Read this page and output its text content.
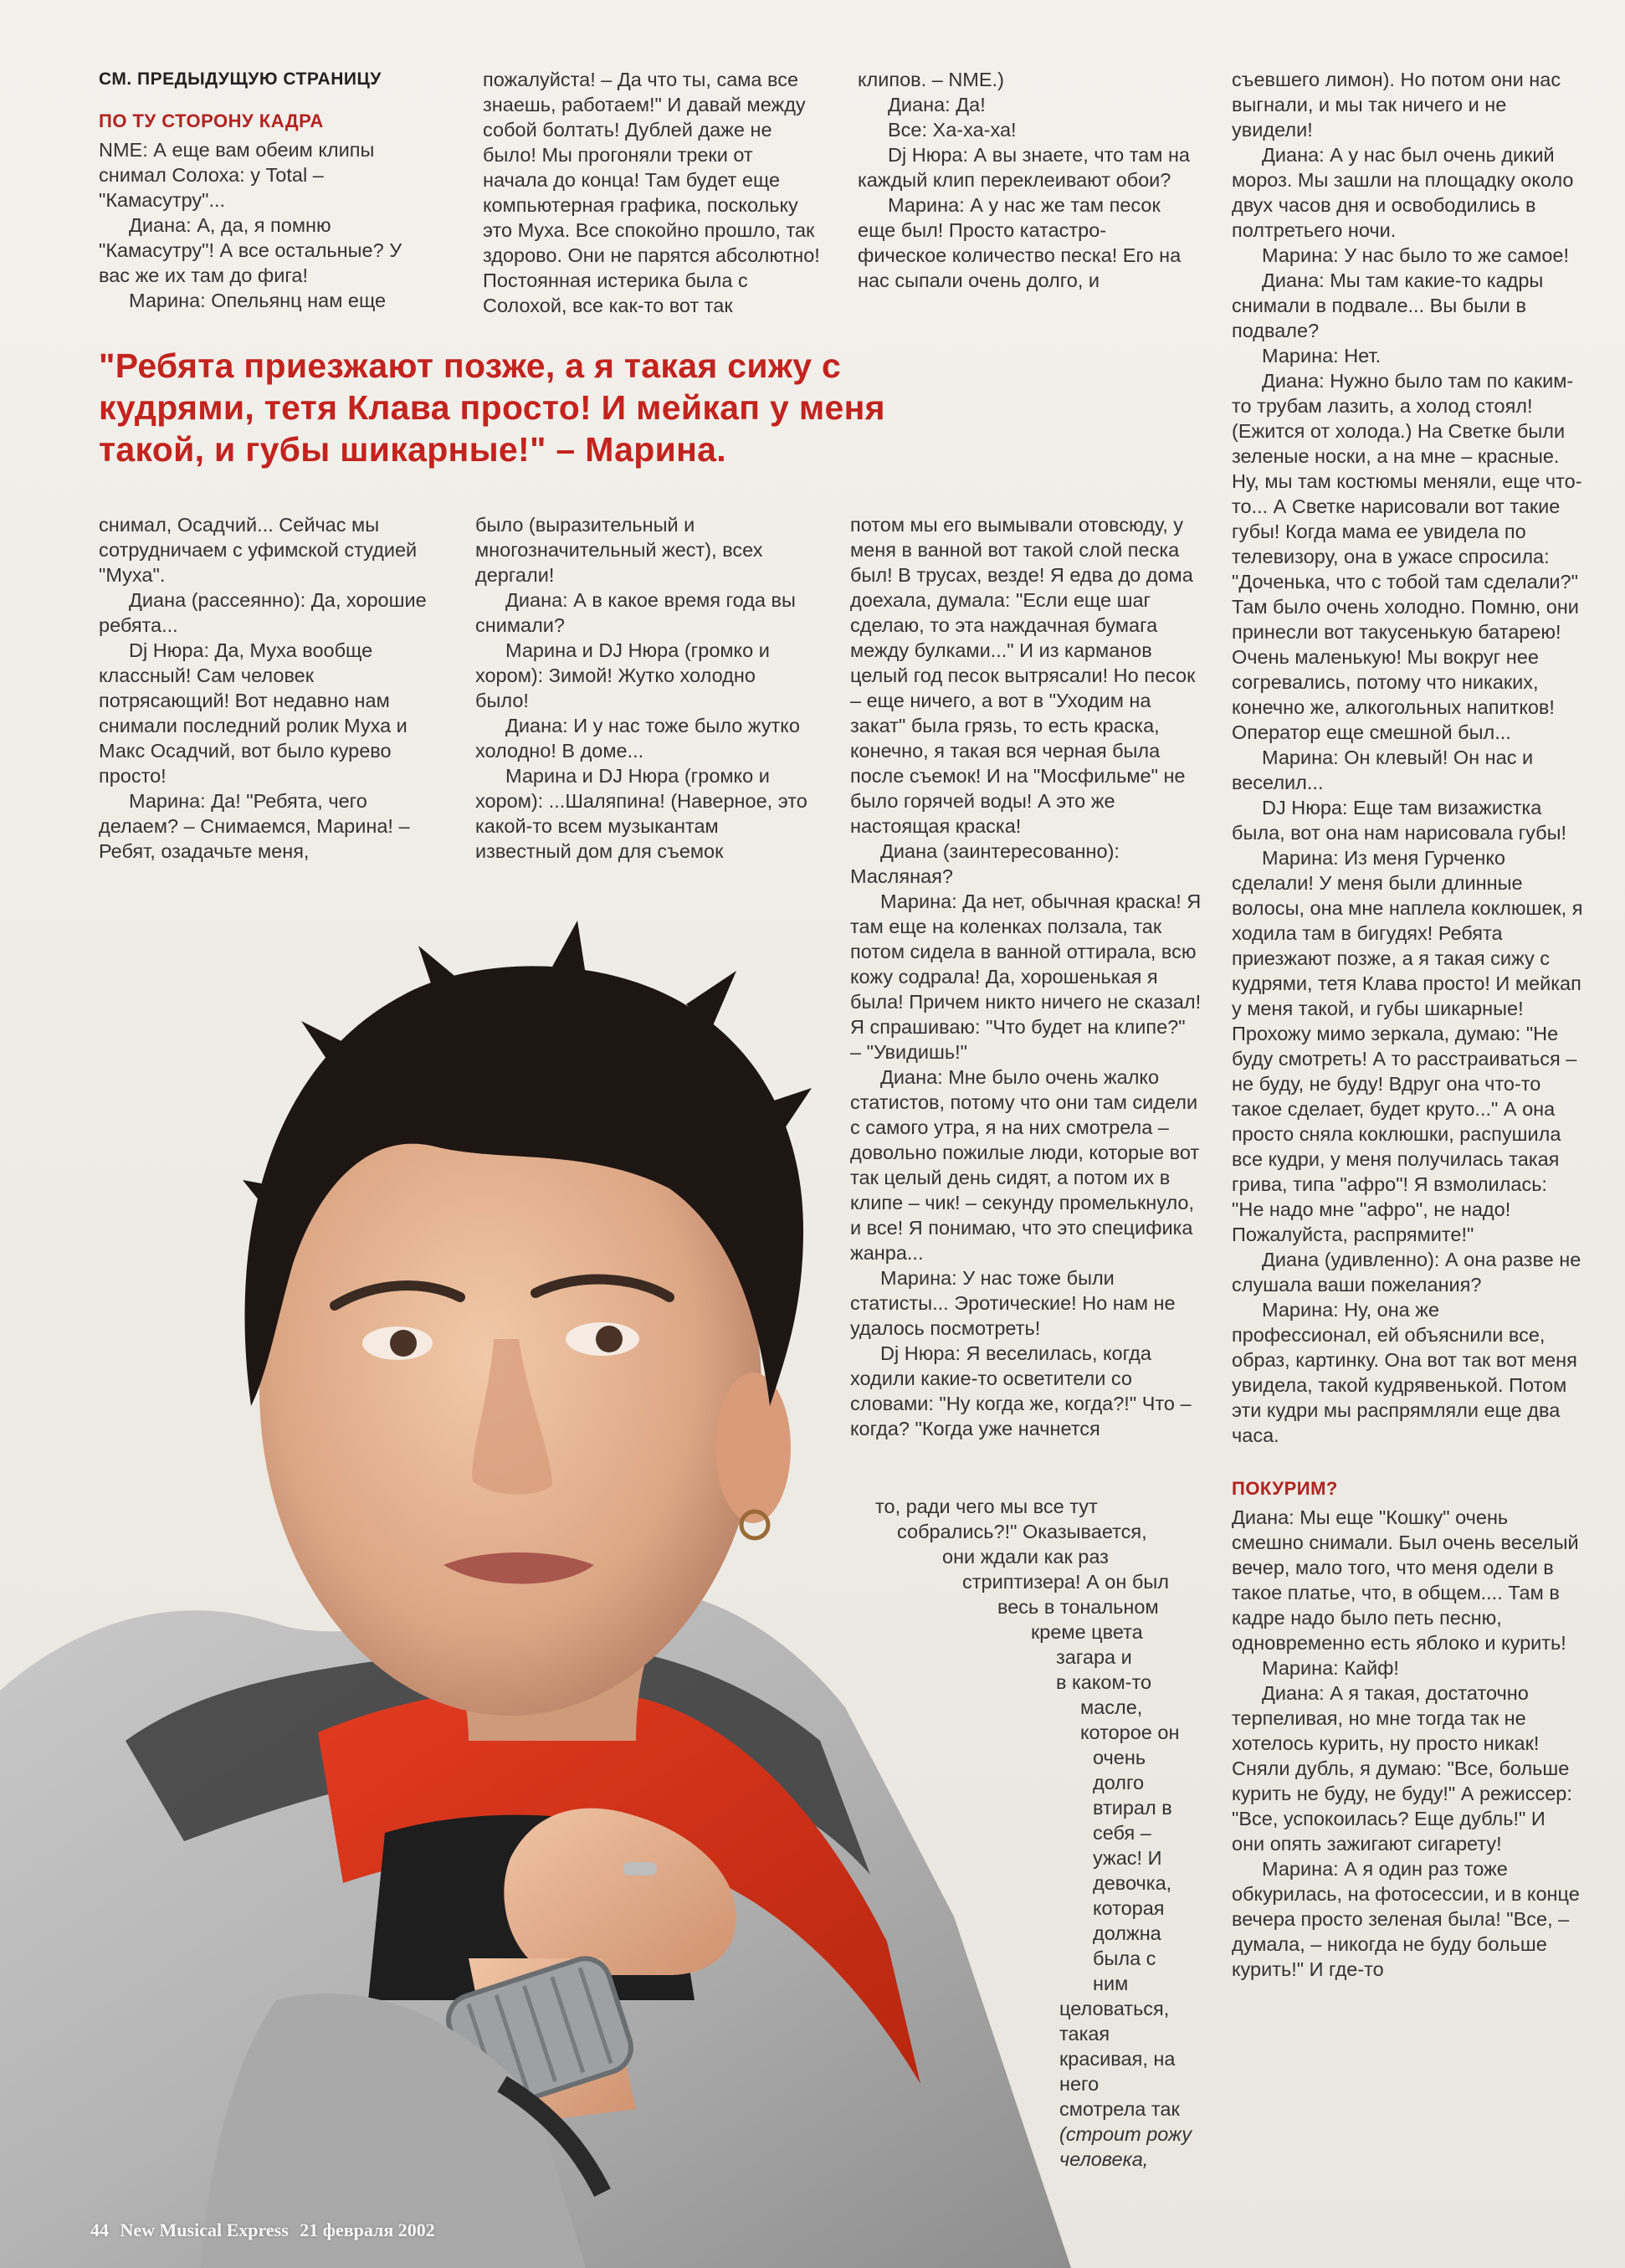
СМ. ПРЕДЫДУЩУЮ СТРАНИЦУ
ПО ТУ СТОРОНУ КАДРА

NME: А еще вам обеим клипы снимал Солоха: у Total – "Камасутру"...

Диана: А, да, я помню "Камасутру"! А все остальные? У вас же их там до фига!

Марина: Опельянц нам еще

пожалуйста! – Да что ты, сама все знаешь, работаем!" И давай между собой болтать! Дублей даже не было! Мы прогоняли треки от начала до конца! Там будет еще компьютерная графика, поскольку это Муха. Все спокойно прошло, так здорово. Они не парятся абсолютно! Постоянная истерика была с Солохой, все как-то вот так

клипов. – NME.)

Диана: Да!

Все: Ха-ха-ха!

Dj Нюра: А вы знаете, что там на каждый клип переклеивают обои?

Марина: А у нас же там песок еще был! Просто катастро- фическое количество песка! Его на нас сыпали очень долго, и

"Ребята приезжают позже, а я такая сижу с кудрями, тетя Клава просто! И мейкап у меня такой, и губы шикарные!" – Марина.

съевшего лимон). Но потом они нас выгнали, и мы так ничего и не увидели!

Диана: А у нас был очень дикий мороз. Мы зашли на площадку около двух часов дня и освободились в полтретьего ночи.

Марина: У нас было то же самое!

Диана: Мы там какие-то кадры снимали в подвале... Вы были в подвале?

Марина: Нет.

Диана: Нужно было там по каким-то трубам лазить, а холод стоял! (Ежится от холода.) На Светке были зеленые носки, а на мне – красные. Ну, мы там костюмы меняли, еще что-то... А Светке нарисовали вот такие губы! Когда мама ее увидела по телевизору, она в ужасе спросила: "Доченька, что с тобой там сделали?" Там было очень холодно. Помню, они принесли вот такусенькую батарею! Очень маленькую! Мы вокруг нее согревались, потому что никаких, конечно же, алкогольных напитков! Оператор еще смешной был...

Марина: Он клевый! Он нас и веселил...

DJ Нюра: Еще там визажистка была, вот она нам нарисовала губы!

Марина: Из меня Гурченко сделали! У меня были длинные волосы, она мне наплела коклюшек, я ходила там в бигудях! Ребята приезжают позже, а я такая сижу с кудрями, тетя Клава просто! И мейкап у меня такой, и губы шикарные! Прохожу мимо зеркала, думаю: "Не буду смотреть! А то расстраиваться – не буду, не буду! Вдруг она что-то такое сделает, будет круто..." А она просто сняла коклюшки, распушила все кудри, у меня получилась такая грива, типа "афро"! Я взмолилась: "Не надо мне "афро", не надо! Пожалуйста, распрямите!"

Диана (удивленно): А она разве не слушала ваши пожелания?

Марина: Ну, она же профессионал, ей объяснили все, образ, картинку. Она вот так вот меня увидела, такой кудрявенькой. Потом эти кудри мы распрямляли еще два часа.

ПОКУРИМ?

Диана: Мы еще "Кошку" очень смешно снимали. Был очень веселый вечер, мало того, что меня одели в такое платье, что, в общем.... Там в кадре надо было петь песню, одновременно есть яблоко и курить!

Марина: Кайф!

Диана: А я такая, достаточно терпеливая, но мне тогда так не хотелось курить, ну просто никак! Сняли дубль, я думаю: "Все, больше курить не буду, не буду!" А режиссер: "Все, успокоилась? Еще дубль!" И они опять зажигают сигарету!

Марина: А я один раз тоже обкурилась, на фотосессии, и в конце вечера просто зеленая была! "Все, – думала, – никогда не буду больше курить!" И где-то

снимал, Осадчий... Сейчас мы сотрудничаем с уфимской студией "Муха".

Диана (рассеянно): Да, хорошие ребята...

Dj Нюра: Да, Муха вообще классный! Сам человек потрясающий! Вот недавно нам снимали последний ролик Муха и Макс Осадчий, вот было курево просто!

Марина: Да! "Ребята, чего делаем? – Снимаемся, Марина! – Ребят, озадачьте меня,

было (выразительный и многозначительный жест), всех дергали!

Диана: А в какое время года вы снимали?

Марина и DJ Нюра (громко и хором): Зимой! Жутко холодно было!

Диана: И у нас тоже было жутко холодно! В доме...

Марина и DJ Нюра (громко и хором): ...Шаляпина! (Наверное, это какой-то всем музыкантам известный дом для съемок

потом мы его вымывали отовсюду, у меня в ванной вот такой слой песка был! В трусах, везде! Я едва до дома доехала, думала: "Если еще шаг сделаю, то эта наждачная бумага между булками..." И из карманов целый год песок вытрясали! Но песок – еще ничего, а вот в "Уходим на закат" была грязь, то есть краска, конечно, я такая вся черная была после съемок! И на "Мосфильме" не было горячей воды! А это же настоящая краска!

Диана (заинтересованно): Масляная?

Марина: Да нет, обычная краска! Я там еще на коленках ползала, так потом сидела в ванной оттирала, всю кожу содрала! Да, хорошенькая я была! Причем никто ничего не сказал! Я спрашиваю: "Что будет на клипе?" – "Увидишь!"

Диана: Мне было очень жалко статистов, потому что они там сидели с самого утра, я на них смотрела – довольно пожилые люди, которые вот так целый день сидят, а потом их в клипе – чик! – секунду промелькнуло, и все! Я понимаю, что это специфика жанра...

Марина: У нас тоже были статисты... Эротические! Но нам не удалось посмотреть!

Dj Нюра: Я веселилась, когда ходили какие-то осветители со словами: "Ну когда же, когда?!" Что – когда? "Когда уже начнется

то, ради чего мы все тут
собрались?!" Оказывается,
они ждали как раз
стриптизера! А он был
весь в тональном
креме цвета
загара и
в каком-то
масле,
которое он
очень
долго
втирал в
себя –
ужас! И
девочка,
которая
должна
была с
ним
целоваться,
такая
красивая, на
него
смотрела так
(строит рожу
человека,
44 New Musical Express 21 февраля 2002
